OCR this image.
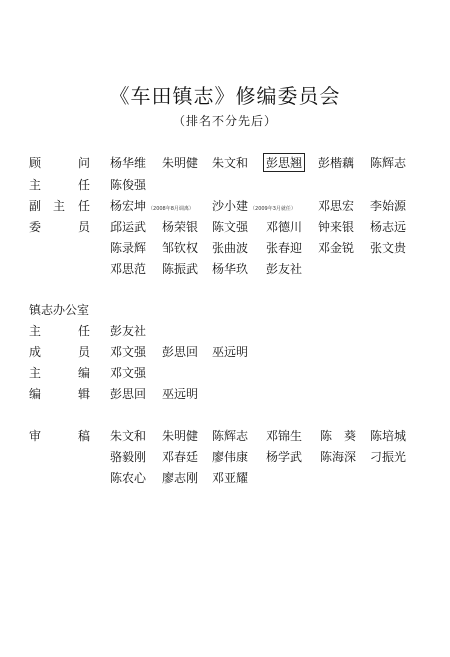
《车田镇志》修编委员会
（排名不分先后）
顾	问 杨华维 朱明健 朱文和 彭思翘 彭楷藕 陈辉志
主	任 陈俊强
副 主 任 杨宏坤 （2008年8月调离） 沙小建 （2009年3月就任） 邓思宏 李始源
委	员 邱运武 杨荣银 陈文强 邓德川 钟来银 杨志远
陈录辉 邹钦权 张曲波 张春迎 邓金锐 张文贵
邓思范 陈振武 杨华玖 彭友社
镇志办公室
主	任 彭友社
成	员 邓文强 彭思回 巫远明
主	编 邓文强
编	辑 彭思回 巫远明
审	稿 朱文和 朱明健 陈辉志 邓锦生 陈　葵 陈培城
骆毅刚 邓春廷 廖伟康 杨学武 陈海深 刁振光
陈农心 廖志刚 邓亚耀
